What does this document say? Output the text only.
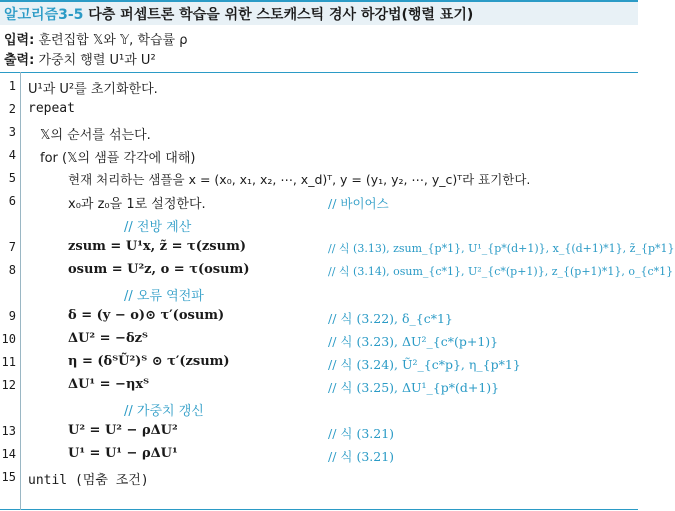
알고리즘3-5 다층 퍼셉트론 학습을 위한 스토캐스틱 경사 하강법(행렬 표기)
입력: 훈련집합 𝕏와 𝕐, 학습률 ρ
출력: 가중치 행렬 U¹과 U²
1 U¹과 U²를 초기화한다.
2 repeat
3 𝕏의 순서를 섞는다.
4 for (𝕏의 샘플 각각에 대해)
5	현재 처리하는 샘플을 x = (x₀, x₁, x₂, ⋯, x_d)ᵀ, y = (y₁, y₂, ⋯, y_c)ᵀ라 표기한다.
6	x₀과 z₀을 1로 설정한다.	// 바이어스
// 전방 계산
7	zsum = U¹x, z̃ = τ(zsum)	// 식 (3.13), zsum_{p*1}, U¹_{p*(d+1)}, x_{(d+1)*1}, z̃_{p*1}
8	osum = U²z, o = τ(osum)	// 식 (3.14), osum_{c*1}, U²_{c*(p+1)}, z_{(p+1)*1}, o_{c*1}
// 오류 역전파
9	δ = (y − o)⊙ τ′(osum)	// 식 (3.22), δ_{c*1}
10	ΔU² = −δzᵀ	// 식 (3.23), ΔU²_{c*(p+1)}
11	η = (δᵀŨ²)ᵀ ⊙ τ′(zsum)	// 식 (3.24), Ũ²_{c*p}, η_{p*1}
12	ΔU¹ = −ηxᵀ	// 식 (3.25), ΔU¹_{p*(d+1)}
// 가중치 갱신
13	U² = U² − ρΔU²	// 식 (3.21)
14	U¹ = U¹ − ρΔU¹	// 식 (3.21)
15 until (멈춤 조건)
